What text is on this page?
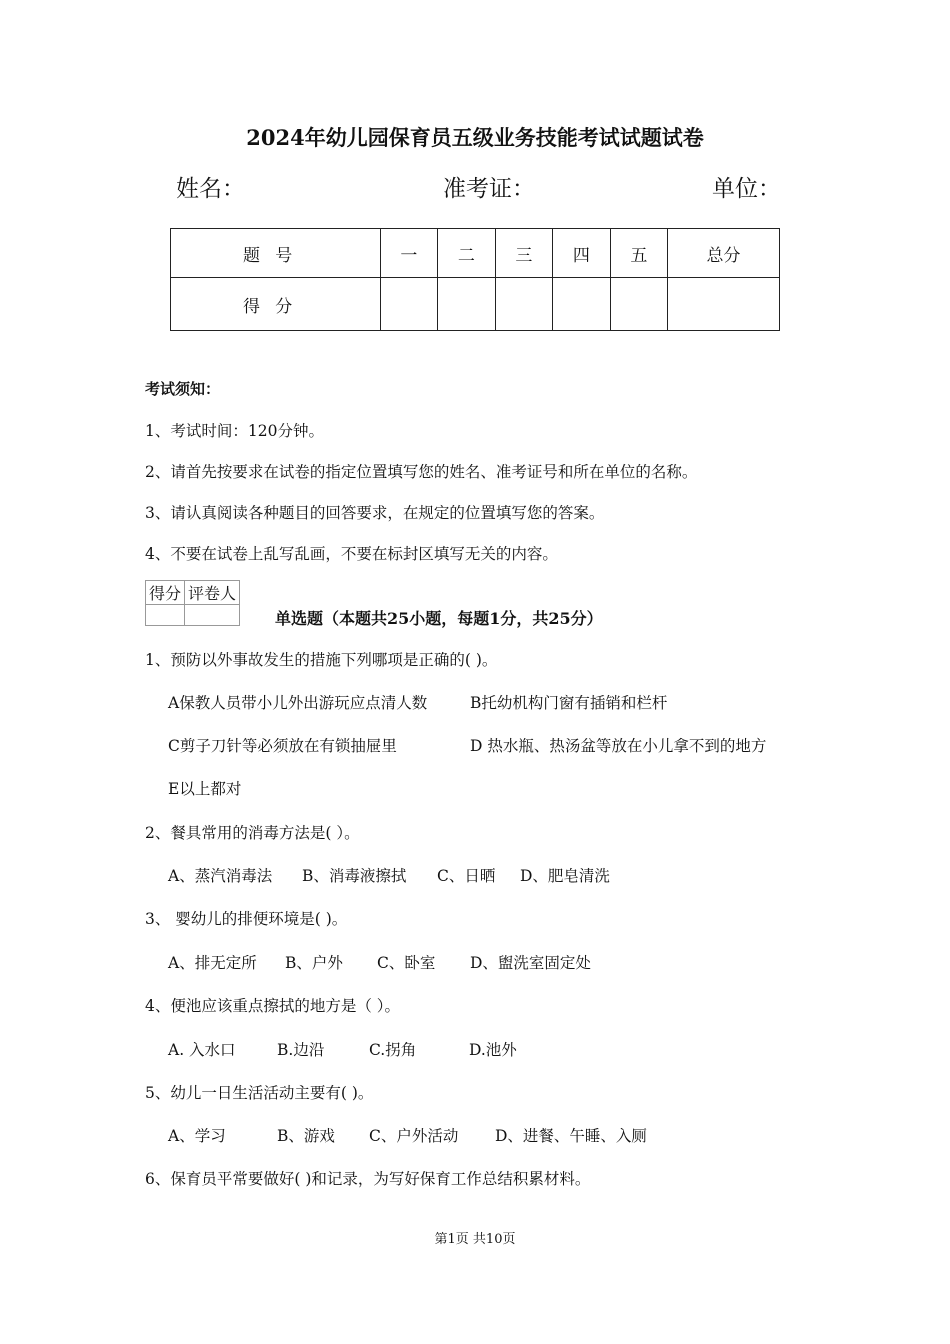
2024年幼儿园保育员五级业务技能考试试题试卷
姓名：	准考证：	单位：
题号	一	二	三	四	五	总分
得分						
考试须知：
1、考试时间：120分钟。
2、请首先按要求在试卷的指定位置填写您的姓名、准考证号和所在单位的名称。
3、请认真阅读各种题目的回答要求，在规定的位置填写您的答案。
4、不要在试卷上乱写乱画，不要在标封区填写无关的内容。
得分	评卷人

单选题（本题共25小题，每题1分，共25分）
1、预防以外事故发生的措施下列哪项是正确的( )。
A保教人员带小儿外出游玩应点清人数	B托幼机构门窗有插销和栏杆
C剪子刀针等必须放在有锁抽屉里	D 热水瓶、热汤盆等放在小儿拿不到的地方
E以上都对
2、餐具常用的消毒方法是( ）。
A、蒸汽消毒法 B、消毒液擦拭 C、日晒 D、肥皂清洗
3、 婴幼儿的排便环境是( )。
A、排无定所 B、户外 C、卧室 D、盥洗室固定处
4、便池应该重点擦拭的地方是（ ）。
A. 入水口	B.边沿	C.拐角	D.池外
5、幼儿一日生活活动主要有( )。
A、学习	B、游戏 C、户外活动 D、进餐、午睡、入厕
6、保育员平常要做好( )和记录，为写好保育工作总结积累材料。
第1页 共10页
